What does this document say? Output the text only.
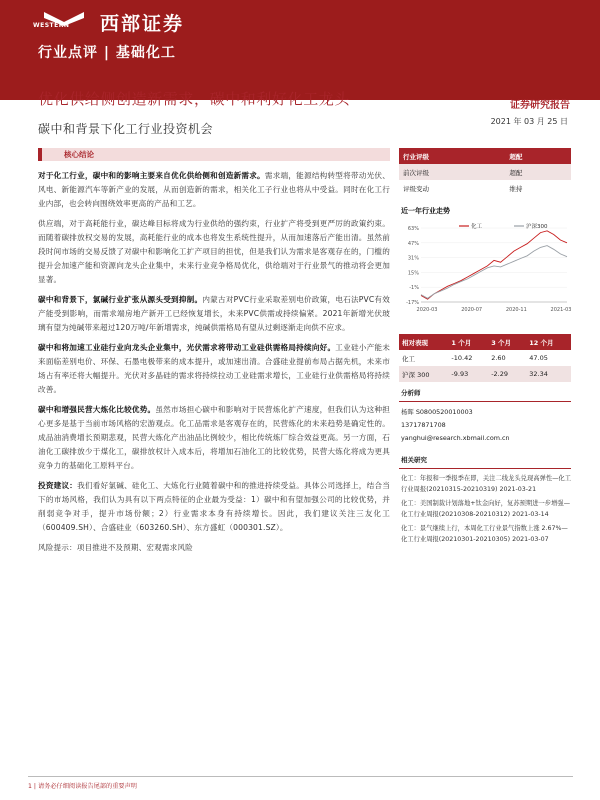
WESTERN 西部证券
行业点评 | 基础化工
优化供给侧创造新需求，碳中和利好化工龙头
碳中和背景下化工行业投资机会
证券研究报告
2021 年 03 月 25 日
核心结论
对于化工行业，碳中和的影响主要来自优化供给侧和创造新需求。需求端，能源结构转型将带动光伏、风电、新能源汽车等新产业的发展，从而创造新的需求，相关化工子行业也将从中受益。同时在化工行业内部，也会转向围绕效率更高的产品和工艺。
供应端，对于高耗能行业，碳达峰目标将成为行业供给的强约束，行业扩产将受到更严厉的政策约束。而随着碳排放权交易的发展，高耗能行业的成本也将发生系统性提升，从而加速落后产能出清。虽然前段时间市场的交易反馈了对碳中和影响化工扩产项目的担忧，但是我们认为需求是客观存在的，门槛的提升会加速产能和资源向龙头企业集中，未来行业竞争格局优化，供给端对于行业景气的推动将会更加显著。
碳中和背景下，氯碱行业扩张从源头受到抑制。内蒙古对PVC行业采取差别电价政策，电石法PVC有效产能受到影响，而需求端房地产新开工已经恢复增长，未来PVC供需或持续偏紧。2021年新增光伏玻璃有望为纯碱带来超过120万吨/年新增需求，纯碱供需格局有望从过剩逐渐走向供不应求。
碳中和将加速工业硅行业向龙头企业集中，光伏需求将带动工业硅供需格局持续向好。工业硅小产能未来面临差别电价、环保、石墨电极带来的成本提升，或加速出清。合盛硅业提前布局占据先机，未来市场占有率还将大幅提升。光伏对多晶硅的需求将持续拉动工业硅需求增长，工业硅行业供需格局将持续改善。
碳中和增强民营大炼化比较优势。虽然市场担心碳中和影响对于民营炼化扩产速度，但我们认为这种担心更多是基于当前市场风格的宏游观点。化工品需求是客观存在的，民营炼化的未来趋势是确定性的。成品油消费增长预期悲观，民营大炼化产出油品比例较少，相比传统炼厂综合效益更高。另一方面，石油化工碳排放少于煤化工，碳排放权计入成本后，将增加石油化工的比较优势，民营大炼化将成为更具竞争力的基础化工原料平台。
投资建议：我们看好氯碱、硅化工、大炼化行业随着碳中和的推进持续受益。具体公司选择上，结合当下的市场风格，我们认为具有以下两点特征的企业最为受益：1）碳中和有望加强公司的比较优势，并削弱竞争对手，提升市场份额；2）行业需求本身有持续增长。因此，我们建议关注三友化工（600409.SH）、合盛硅业（603260.SH）、东方盛虹（000301.SZ）。
风险提示：项目推进不及预期、宏观需求风险
行业评级	超配
前次评级	超配
评级变动	维持
近一年行业走势
63%
47%
31%
15%
-1%
-17%
2020-03	2020-07	2020-11	2021-03
化工	沪深300
相对表现	1 个月	3 个月	12 个月
化工	-10.42	2.60	47.05
沪深 300	-9.93	-2.29	32.34
分析师
杨晖 S0800520010003
13717871708
yanghui@research.xbmail.com.cn
相关研究
化工：年报和一季报季在即，关注二线龙头兑现高弹性—化工行业周报(20210315-20210319) 2021-03-21
化工：美国制裁计划落地+钛金向好，复苏预期进一步增强—化工行业周报(20210308-20210312) 2021-03-14
化工：景气继续上行，本周化工行业景气指数上涨 2.67%—化工行业周报(20210301-20210305) 2021-03-07
1 | 请务必仔细阅读报告尾部的重要声明
